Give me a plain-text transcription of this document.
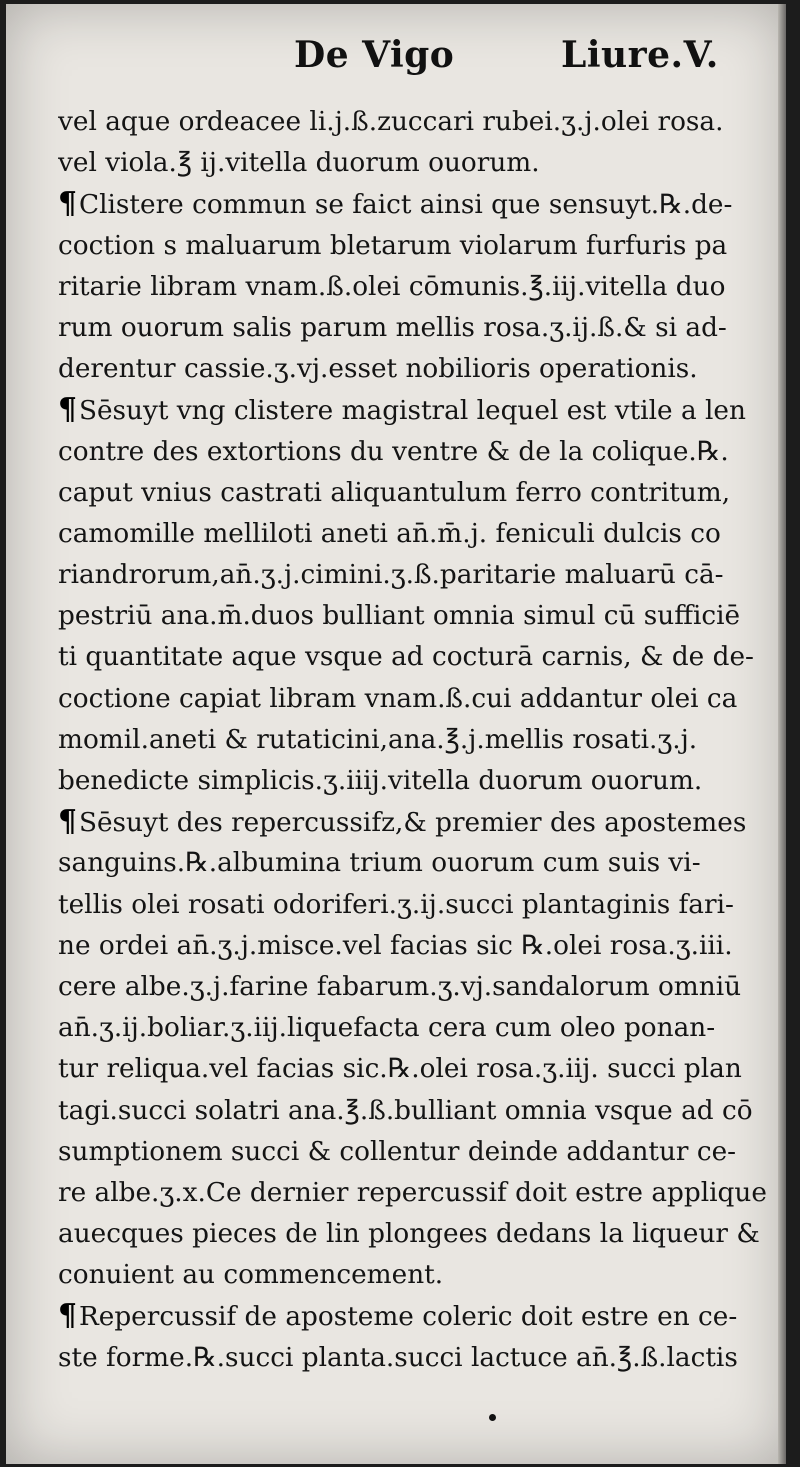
De Vigo	Liure.V.
vel aque ordeacee li.j.ß.zuccari rubei.ʒ.j.olei rosa.
vel viola.℥ ij.vitella duorum ouorum.
¶Clistere commun se faict ainsi que sensuyt.℞.de-
coction s maluarum bletarum violarum furfuris pa
ritarie libram vnam.ß.olei cōmunis.℥.iij.vitella duo
rum ouorum salis parum mellis rosa.ʒ.ij.ß.& si ad-
derentur cassie.ʒ.vj.esset nobilioris operationis.
¶Sēsuyt vng clistere magistral lequel est vtile a len
contre des extortions du ventre & de la colique.℞.
caput vnius castrati aliquantulum ferro contritum,
camomille melliloti aneti an̄.m̄.j. feniculi dulcis co
riandrorum,an̄.ʒ.j.cimini.ʒ.ß.paritarie maluarū cā-
pestriū ana.m̄.duos bulliant omnia simul cū sufficiē
ti quantitate aque vsque ad cocturā carnis, & de de-
coctione capiat libram vnam.ß.cui addantur olei ca
momil.aneti & rutaticini,ana.℥.j.mellis rosati.ʒ.j.
benedicte simplicis.ʒ.iiij.vitella duorum ouorum.
¶Sēsuyt des repercussifz,& premier des apostemes
sanguins.℞.albumina trium ouorum cum suis vi-
tellis olei rosati odoriferi.ʒ.ij.succi plantaginis fari-
ne ordei an̄.ʒ.j.misce.vel facias sic ℞.olei rosa.ʒ.iii.
cere albe.ʒ.j.farine fabarum.ʒ.vj.sandalorum omniū
an̄.ʒ.ij.boliar.ʒ.iij.liquefacta cera cum oleo ponan-
tur reliqua.vel facias sic.℞.olei rosa.ʒ.iij. succi plan
tagi.succi solatri ana.℥.ß.bulliant omnia vsque ad cō
sumptionem succi & collentur deinde addantur ce-
re albe.ʒ.x.Ce dernier repercussif doit estre applique
auecques pieces de lin plongees dedans la liqueur &
conuient au commencement.
¶Repercussif de aposteme coleric doit estre en ce-
ste forme.℞.succi planta.succi lactuce an̄.℥.ß.lactis
